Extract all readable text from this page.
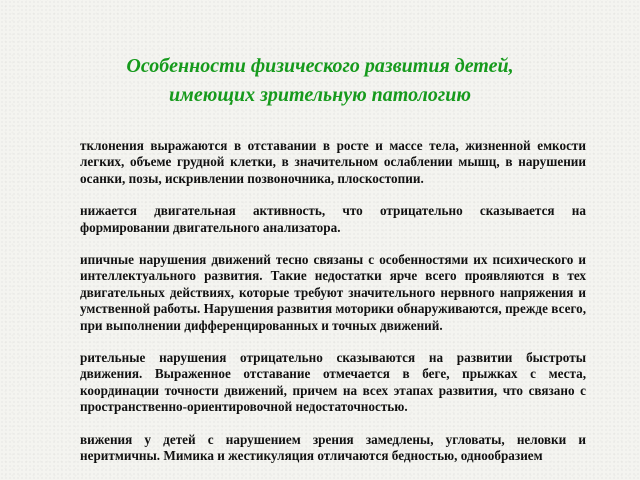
Особенности физического развития детей,
имеющих зрительную патологию

тклонения выражаются в отставании в росте и массе тела, жизненной емкости легких, объеме грудной клетки, в значительном ослаблении мышц, в нарушении осанки, позы, искривлении позвоночника, плоскостопии.

нижается двигательная активность, что отрицательно сказывается на формировании двигательного анализатора.

ипичные нарушения движений тесно связаны с особенностями их психического и интеллектуального развития. Такие недостатки ярче всего проявляются в тех двигательных действиях, которые требуют значительного нервного напряжения и умственной работы. Нарушения развития моторики обнаруживаются, прежде всего, при выполнении дифференцированных и точных движений.

рительные нарушения отрицательно сказываются на развитии быстроты движения. Выраженное отставание отмечается в беге, прыжках с места, координации точности движений, причем на всех этапах развития, что связано с пространственно-ориентировочной недостаточностью.

вижения у детей с нарушением зрения замедлены, угловаты, неловки и неритмичны. Мимика и жестикуляция отличаются бедностью, однообразием
